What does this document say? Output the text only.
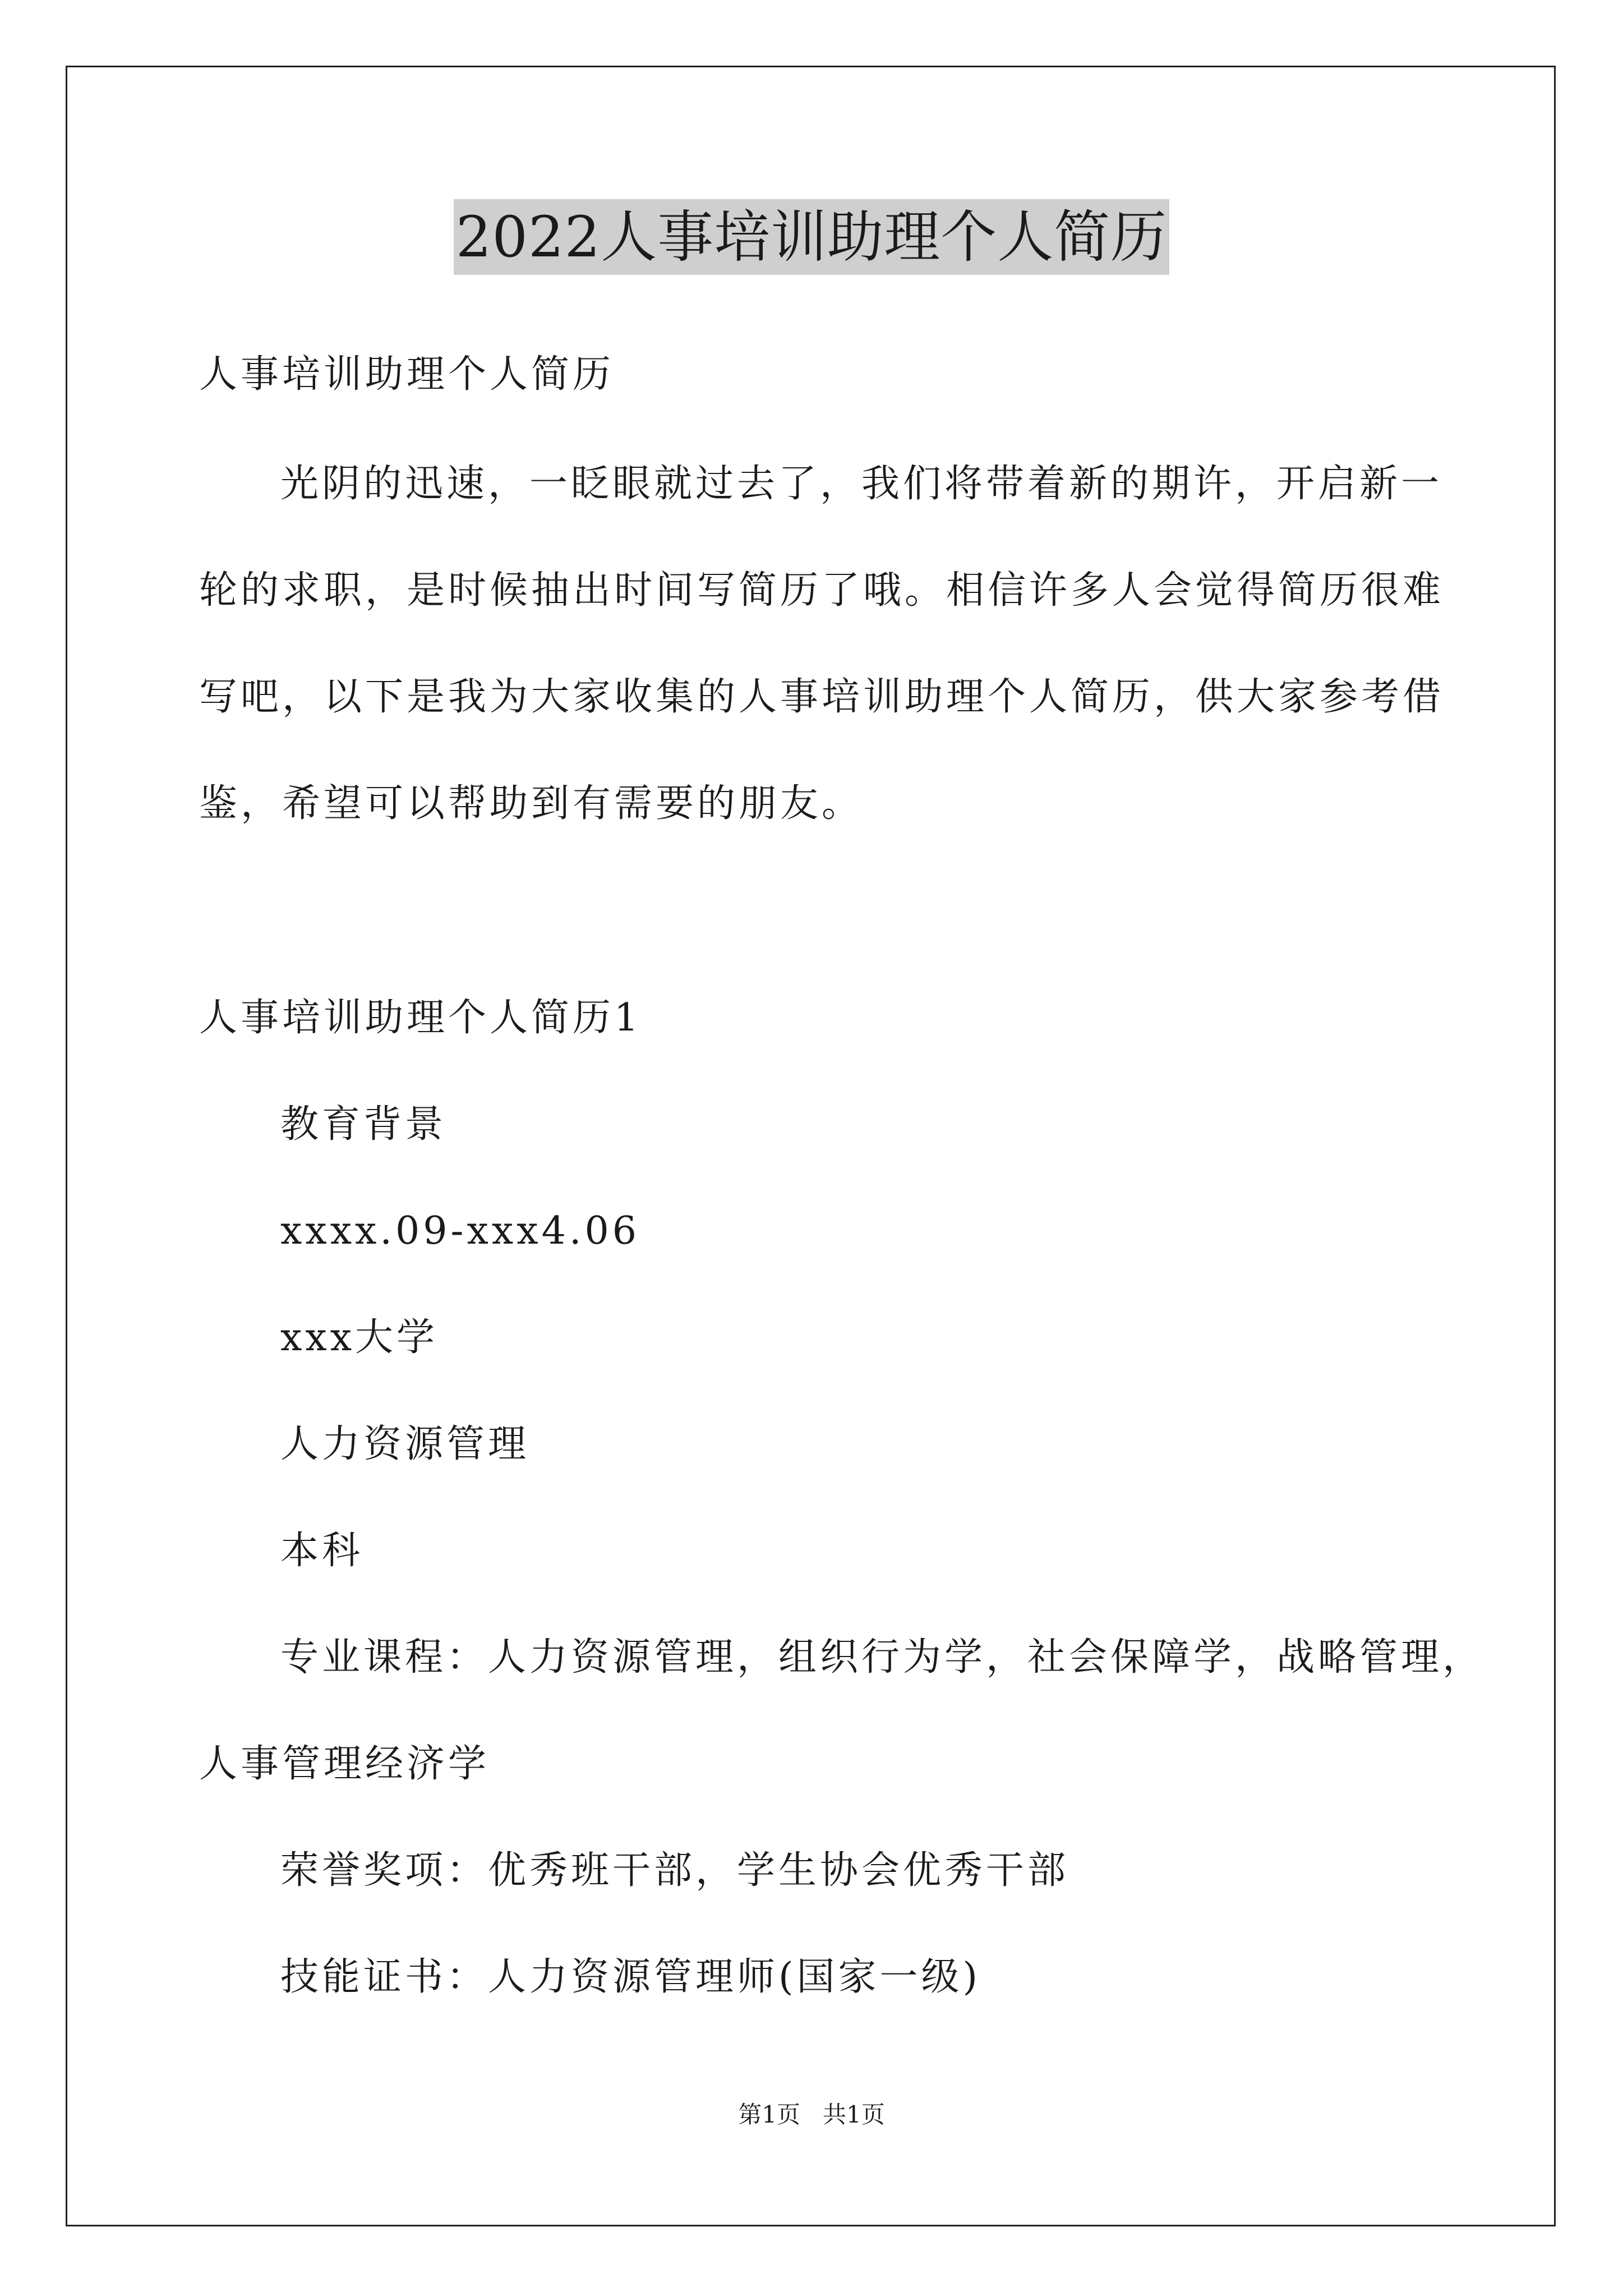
2022人事培训助理个人简历
人事培训助理个人简历
光阴的迅速，一眨眼就过去了，我们将带着新的期许，开启新一
轮的求职，是时候抽出时间写简历了哦。相信许多人会觉得简历很难
写吧，以下是我为大家收集的人事培训助理个人简历，供大家参考借
鉴，希望可以帮助到有需要的朋友。
人事培训助理个人简历1
教育背景
xxxx.09-xxx4.06
xxx大学
人力资源管理
本科
专业课程：人力资源管理，组织行为学，社会保障学，战略管理，
人事管理经济学
荣誉奖项：优秀班干部，学生协会优秀干部
技能证书：人力资源管理师(国家一级)
第1页   共1页
